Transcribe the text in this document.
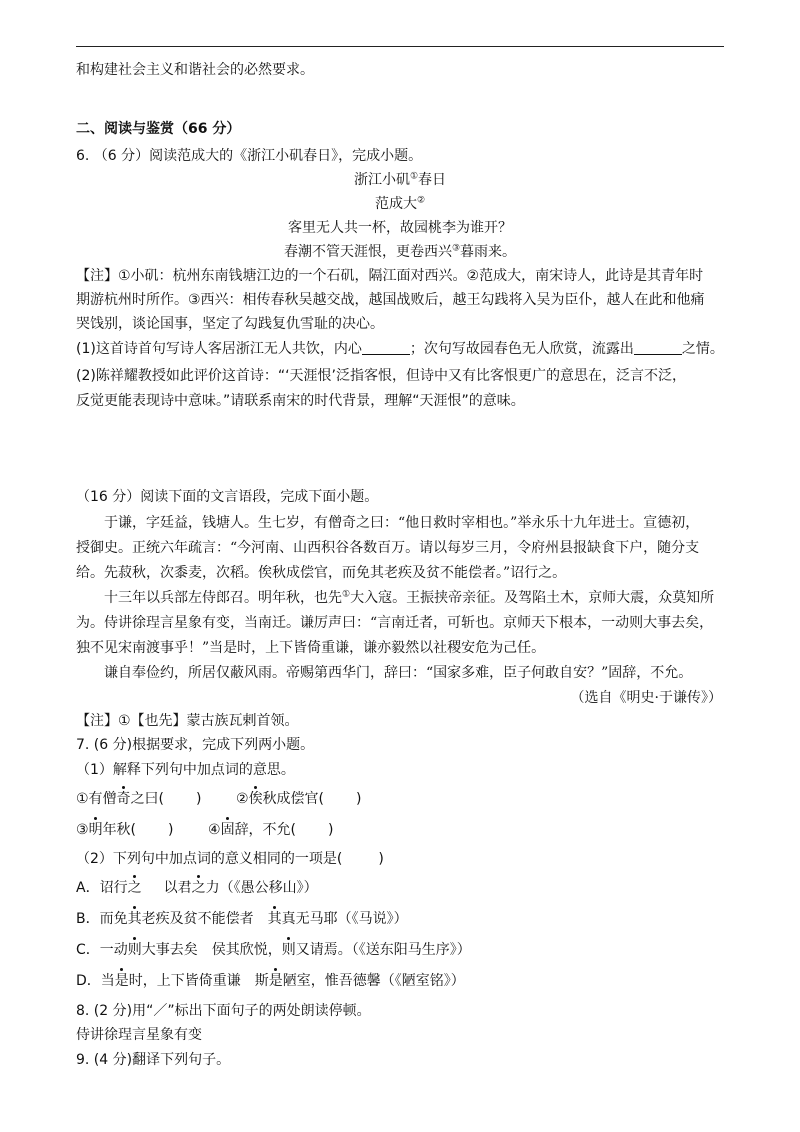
和构建社会主义和谐社会的必然要求。
二、阅读与鉴赏（66 分）
6. （6 分）阅读范成大的《浙江小矶春日》，完成小题。
浙江小矶①春日
范成大②
客里无人共一杯，故园桃李为谁开？
春潮不管天涯恨，更卷西兴③暮雨来。
【注】①小矶：杭州东南钱塘江边的一个石矶，隔江面对西兴。②范成大，南宋诗人，此诗是其青年时
期游杭州时所作。③西兴：相传春秋吴越交战，越国战败后，越王勾践将入吴为臣仆，越人在此和他痛
哭饯别，谈论国事，坚定了勾践复仇雪耻的决心。
(1)这首诗首句写诗人客居浙江无人共饮，内心	；次句写故园春色无人欣赏，流露出	之情。
(2)陈祥耀教授如此评价这首诗：“‘天涯恨’泛指客恨，但诗中又有比客恨更广的意思在，泛言不泛，
反觉更能表现诗中意味。”请联系南宋的时代背景，理解“天涯恨”的意味。
（16 分）阅读下面的文言语段，完成下面小题。
于谦，字廷益，钱塘人。生七岁，有僧奇之曰：“他日救时宰相也。”举永乐十九年进士。宣德初，
授御史。正统六年疏言：“今河南、山西积谷各数百万。请以每岁三月，令府州县报缺食下户，随分支
给。先菽秋，次黍麦，次稻。俟秋成偿官，而免其老疾及贫不能偿者。”诏行之。
十三年以兵部左侍郎召。明年秋，也先①大入寇。王振挟帝亲征。及驾陷土木，京师大震，众莫知所
为。侍讲徐珵言星象有变，当南迁。谦厉声曰：“言南迁者，可斩也。京师天下根本，一动则大事去矣，
独不见宋南渡事乎！”当是时，上下皆倚重谦，谦亦毅然以社稷安危为己任。
谦自奉俭约，所居仅蔽风雨。帝赐第西华门，辞曰：“国家多难，臣子何敢自安？”固辞，不允。
（选自《明史·于谦传》）
【注】①【也先】蒙古族瓦剌首领。
7. (6 分)根据要求，完成下列两小题。
（1）解释下列句中加点词的意思。
①有僧奇之曰( ) ②俟秋成偿官( )
③明年秋( ) ④固辞，不允( )
（2）下列句中加点词的意义相同的一项是(	)
A．诏行之 以君之力（《愚公移山》）
B．而免其老疾及贫不能偿者 其真无马耶（《马说》）
C．一动则大事去矣　侯其欣悦，则又请焉。（《送东阳马生序》）
D．当是时，上下皆倚重谦　斯是陋室，惟吾德馨（《陋室铭》）
8. (2 分)用“／”标出下面句子的两处朗读停顿。
侍讲徐珵言星象有变
9. (4 分)翻译下列句子。
